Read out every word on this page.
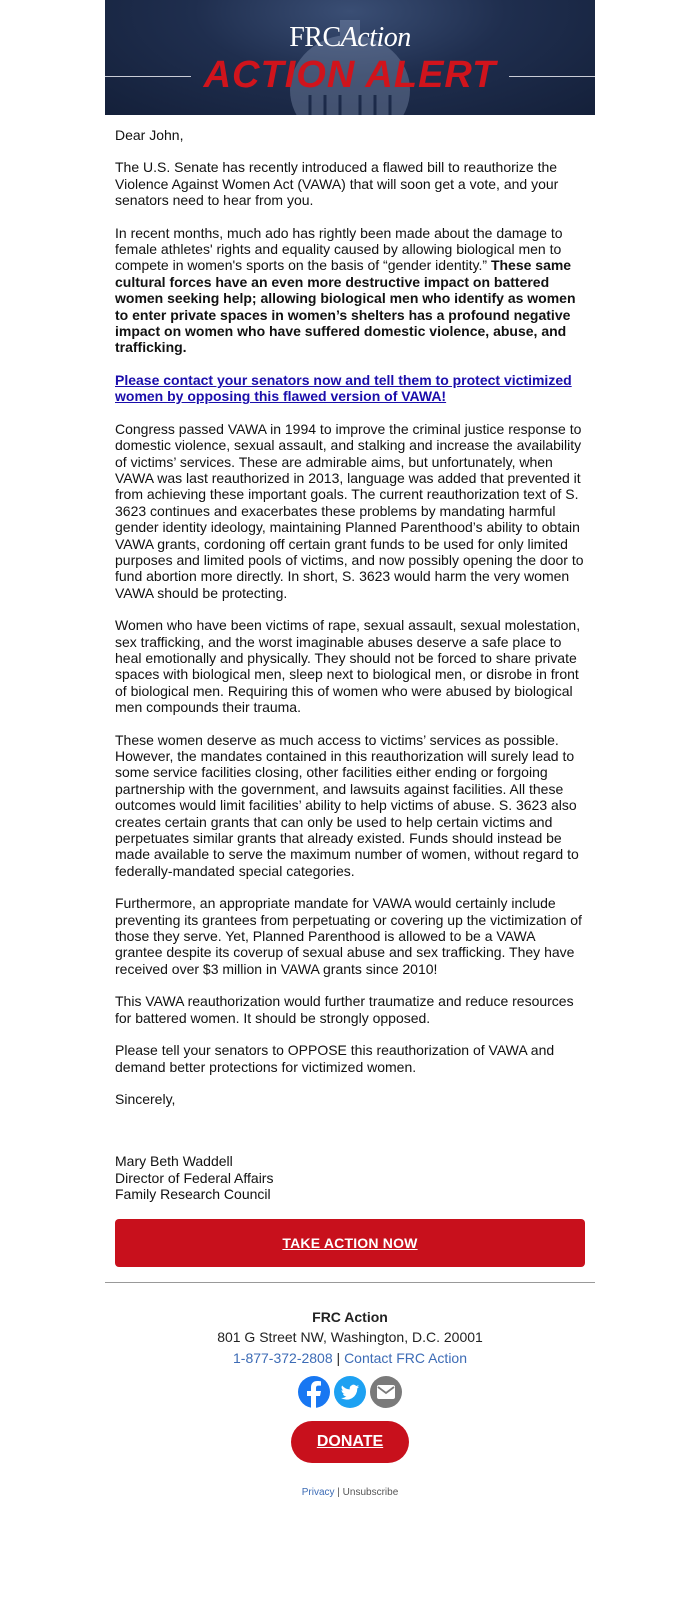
FRCAction
ACTION ALERT

Dear John,

The U.S. Senate has recently introduced a flawed bill to reauthorize the Violence Against Women Act (VAWA) that will soon get a vote, and your senators need to hear from you.

In recent months, much ado has rightly been made about the damage to female athletes' rights and equality caused by allowing biological men to compete in women's sports on the basis of “gender identity.” These same cultural forces have an even more destructive impact on battered women seeking help; allowing biological men who identify as women to enter private spaces in women’s shelters has a profound negative impact on women who have suffered domestic violence, abuse, and trafficking.

Please contact your senators now and tell them to protect victimized women by opposing this flawed version of VAWA!

Congress passed VAWA in 1994 to improve the criminal justice response to domestic violence, sexual assault, and stalking and increase the availability of victims’ services. These are admirable aims, but unfortunately, when VAWA was last reauthorized in 2013, language was added that prevented it from achieving these important goals. The current reauthorization text of S. 3623 continues and exacerbates these problems by mandating harmful gender identity ideology, maintaining Planned Parenthood’s ability to obtain VAWA grants, cordoning off certain grant funds to be used for only limited purposes and limited pools of victims, and now possibly opening the door to fund abortion more directly. In short, S. 3623 would harm the very women VAWA should be protecting.

Women who have been victims of rape, sexual assault, sexual molestation, sex trafficking, and the worst imaginable abuses deserve a safe place to heal emotionally and physically. They should not be forced to share private spaces with biological men, sleep next to biological men, or disrobe in front of biological men. Requiring this of women who were abused by biological men compounds their trauma.

These women deserve as much access to victims’ services as possible. However, the mandates contained in this reauthorization will surely lead to some service facilities closing, other facilities either ending or forgoing partnership with the government, and lawsuits against facilities. All these outcomes would limit facilities’ ability to help victims of abuse. S. 3623 also creates certain grants that can only be used to help certain victims and perpetuates similar grants that already existed. Funds should instead be made available to serve the maximum number of women, without regard to federally-mandated special categories.

Furthermore, an appropriate mandate for VAWA would certainly include preventing its grantees from perpetuating or covering up the victimization of those they serve. Yet, Planned Parenthood is allowed to be a VAWA grantee despite its coverup of sexual abuse and sex trafficking. They have received over $3 million in VAWA grants since 2010!

This VAWA reauthorization would further traumatize and reduce resources for battered women. It should be strongly opposed.

Please tell your senators to OPPOSE this reauthorization of VAWA and demand better protections for victimized women.

Sincerely,

Mary Beth Waddell
Director of Federal Affairs
Family Research Council
TAKE ACTION NOW
FRC Action
801 G Street NW, Washington, D.C. 20001
1-877-372-2808 | Contact FRC Action
DONATE
Privacy | Unsubscribe
